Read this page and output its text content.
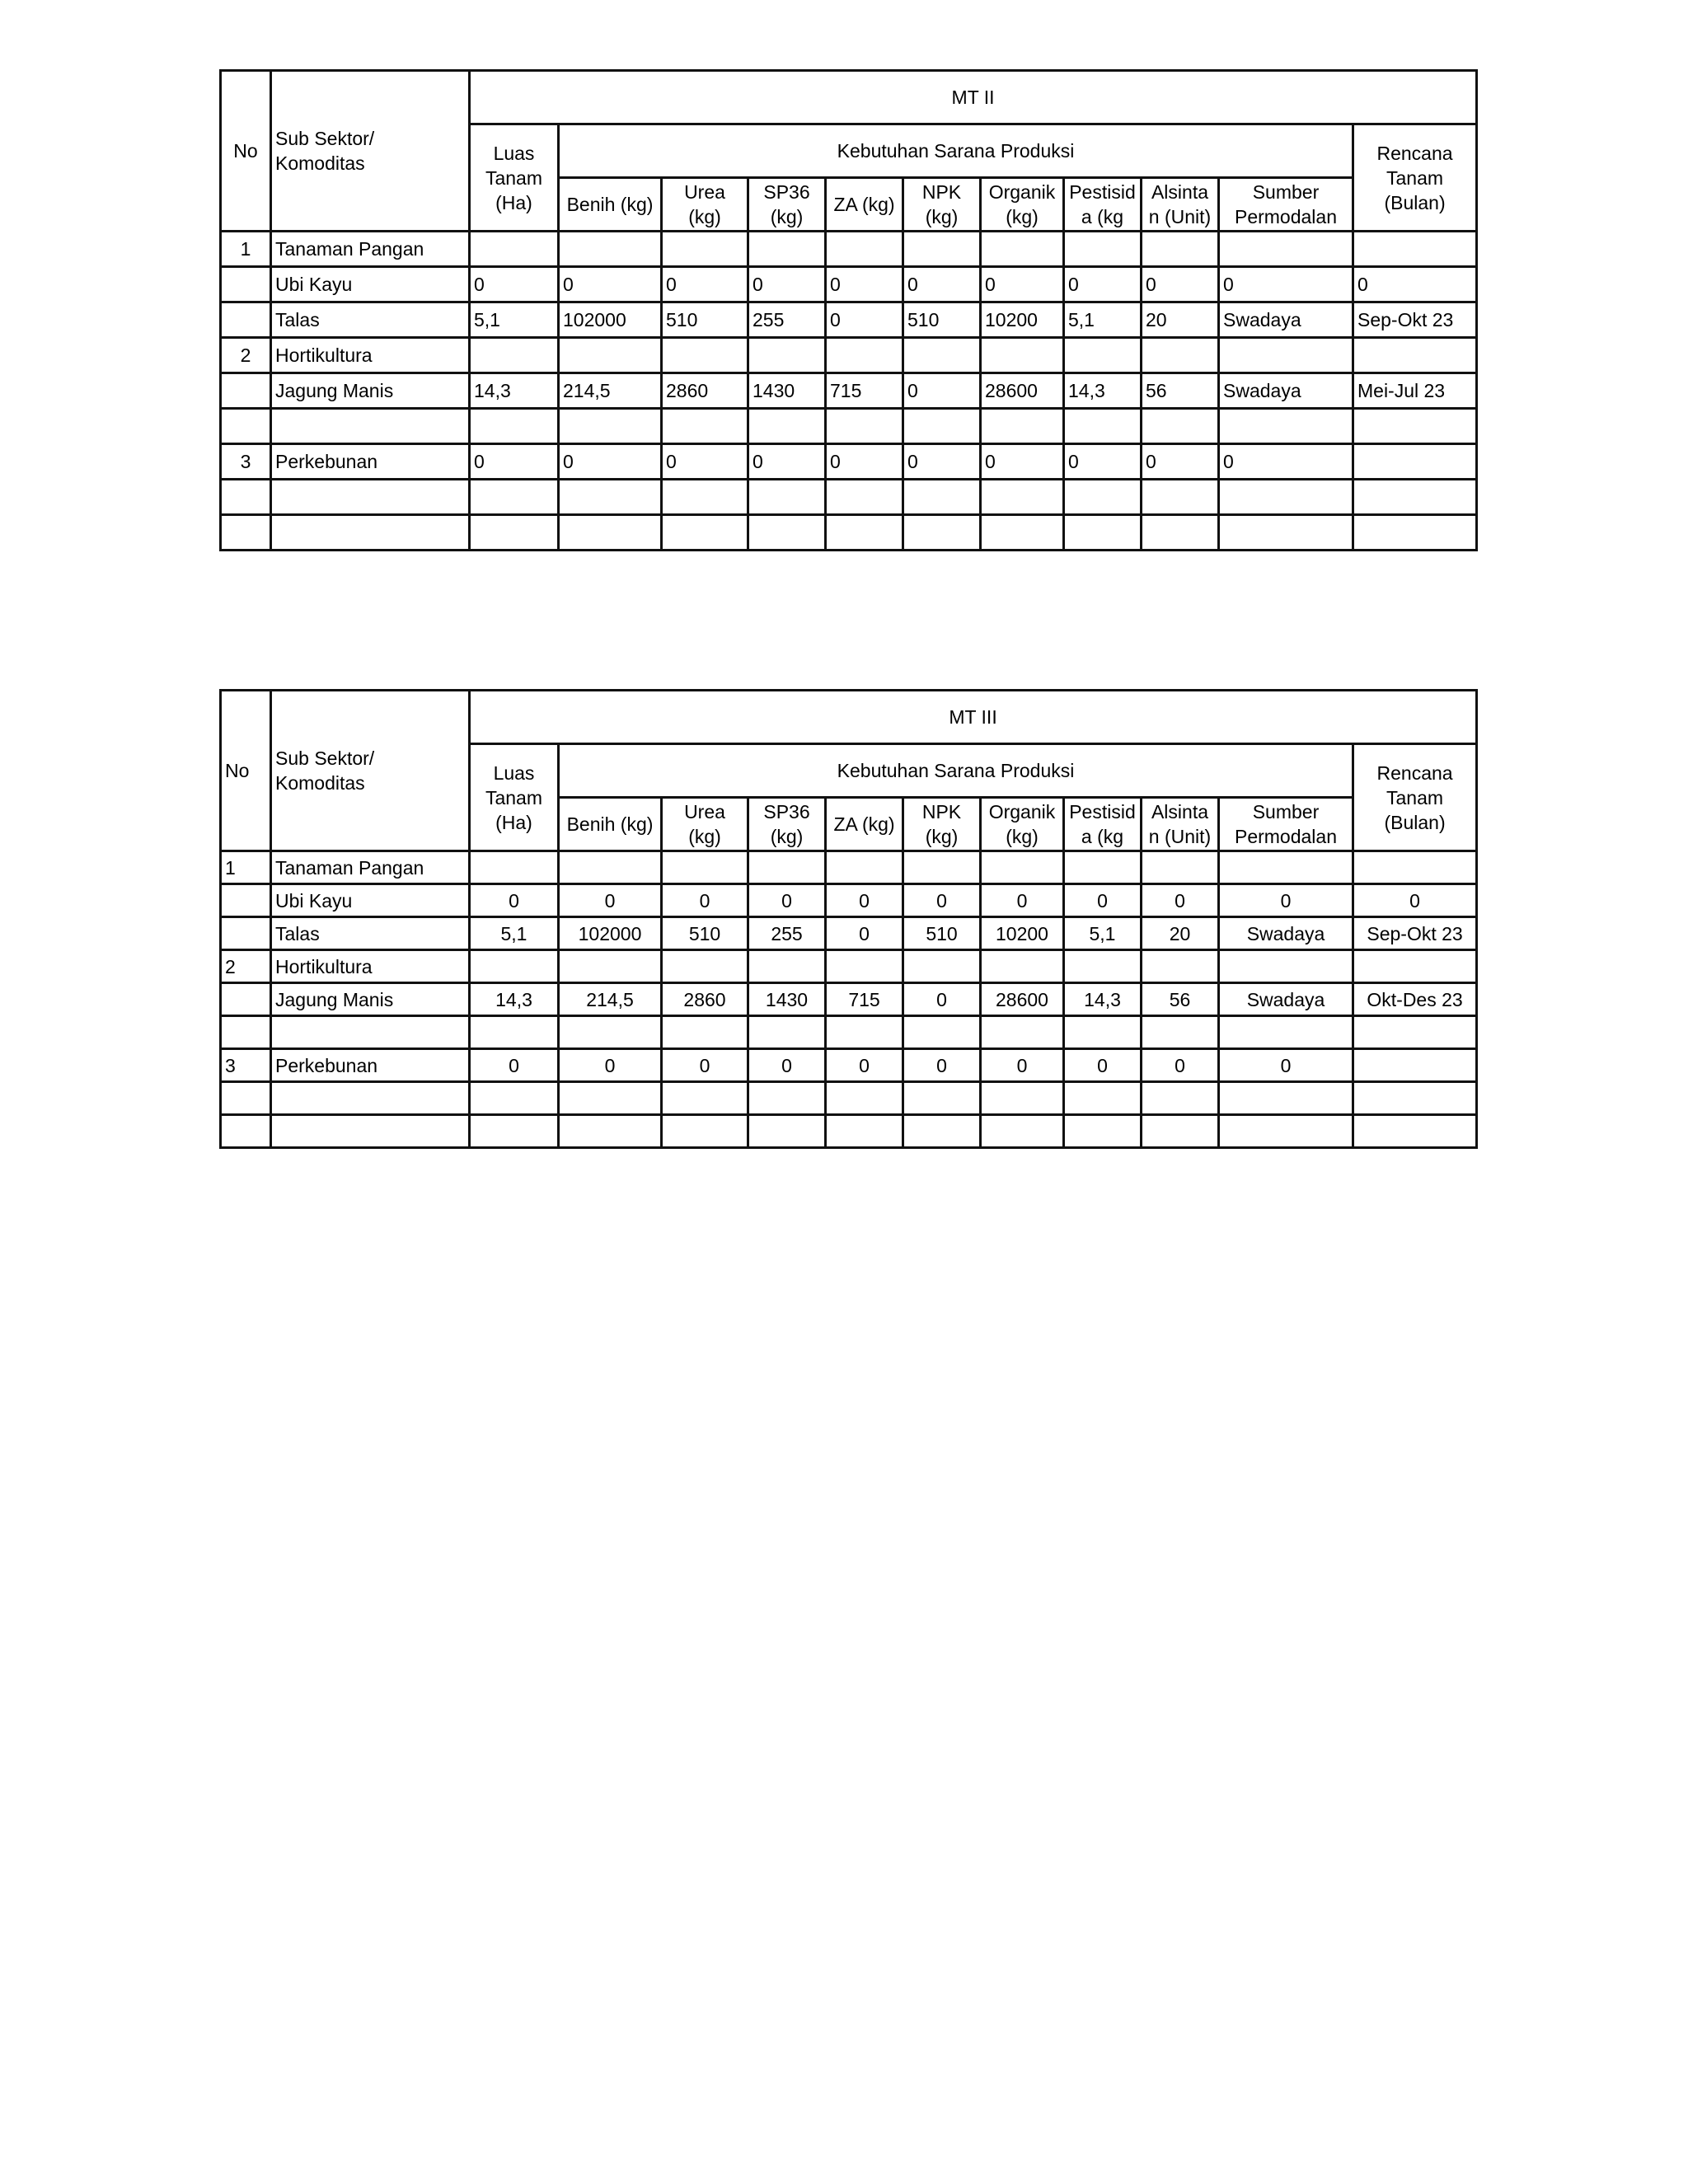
No	Sub Sektor/ Komoditas	MT II										
		Luas Tanam (Ha)	Kebutuhan Sarana Produksi									Rencana Tanam (Bulan)
			Benih (kg)	Urea (kg)	SP36 (kg)	ZA (kg)	NPK (kg)	Organik (kg)	Pestisid a (kg	Alsinta n (Unit)	Sumber Permodalan	
1	Tanaman Pangan											
	Ubi Kayu	0	0	0	0	0	0	0	0	0	0	0
	Talas	5,1	102000	510	255	0	510	10200	5,1	20	Swadaya	Sep-Okt 23
2	Hortikultura											
	Jagung Manis	14,3	214,5	2860	1430	715	0	28600	14,3	56	Swadaya	Mei-Jul 23

3	Perkebunan	0	0	0	0	0	0	0	0	0	0	

No	Sub Sektor/ Komoditas	MT III										
		Luas Tanam (Ha)	Kebutuhan Sarana Produksi									Rencana Tanam (Bulan)
			Benih (kg)	Urea (kg)	SP36 (kg)	ZA (kg)	NPK (kg)	Organik (kg)	Pestisid a (kg	Alsinta n (Unit)	Sumber Permodalan	
1	Tanaman Pangan											
	Ubi Kayu	0	0	0	0	0	0	0	0	0	0	0
	Talas	5,1	102000	510	255	0	510	10200	5,1	20	Swadaya	Sep-Okt 23
2	Hortikultura											
	Jagung Manis	14,3	214,5	2860	1430	715	0	28600	14,3	56	Swadaya	Okt-Des 23

3	Perkebunan	0	0	0	0	0	0	0	0	0	0	
